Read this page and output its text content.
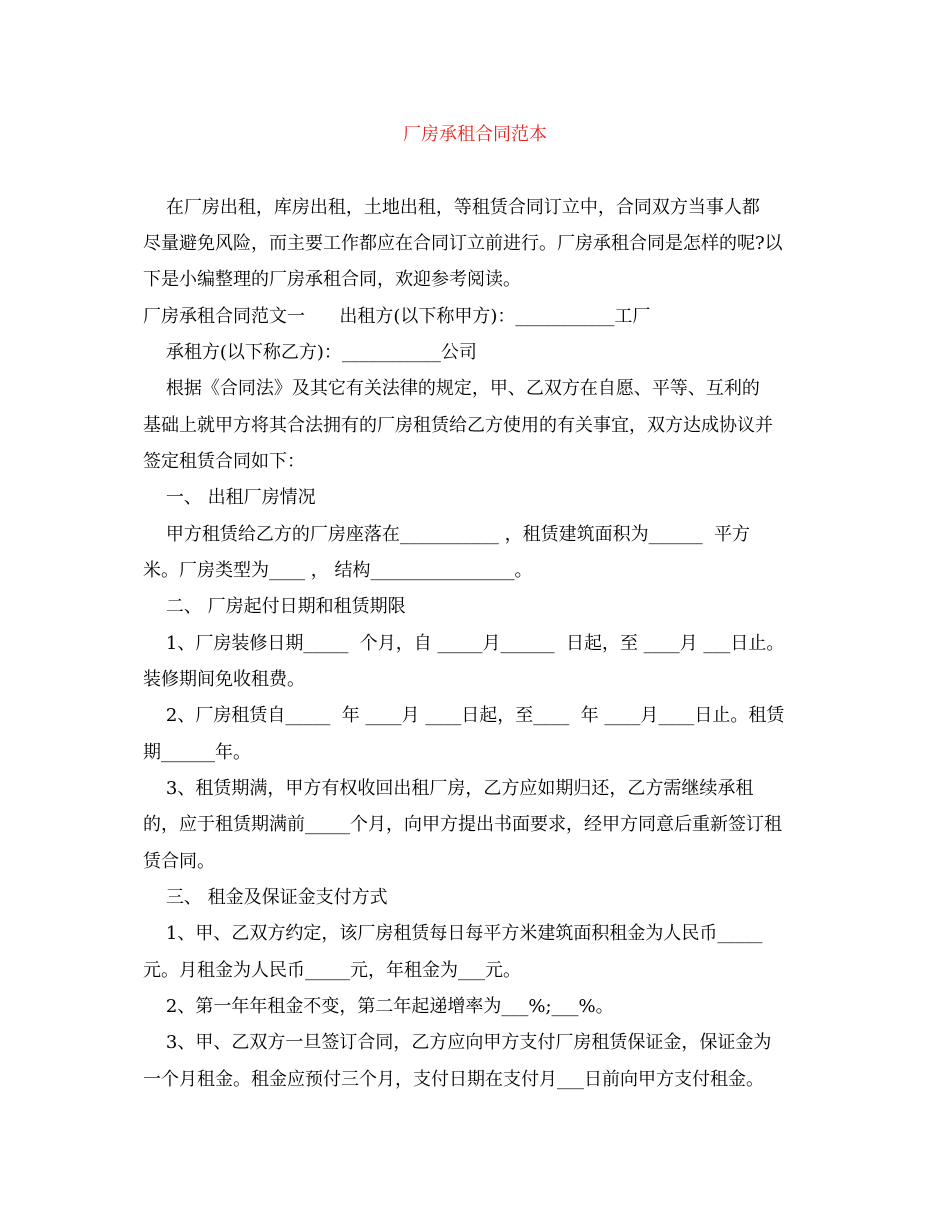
厂房承租合同范本
在厂房出租，库房出租，土地出租，等租赁合同订立中，合同双方当事人都
尽量避免风险，而主要工作都应在合同订立前进行。厂房承租合同是怎样的呢?以
下是小编整理的厂房承租合同，欢迎参考阅读。
厂房承租合同范文一      出租方(以下称甲方)：___________工厂
承租方(以下称乙方)：___________公司
根据《合同法》及其它有关法律的规定，甲、乙双方在自愿、平等、互利的
基础上就甲方将其合法拥有的厂房租赁给乙方使用的有关事宜，双方达成协议并
签定租赁合同如下：
一、 出租厂房情况
甲方租赁给乙方的厂房座落在___________ ，租赁建筑面积为______  平方
米。厂房类型为____ ， 结构________________。
二、 厂房起付日期和租赁期限
1、厂房装修日期_____  个月，自 _____月______  日起，至 ____月 ___日止。
装修期间免收租费。
2、厂房租赁自_____  年 ____月 ____日起，至____  年 ____月____日止。租赁
期______年。
3、租赁期满，甲方有权收回出租厂房，乙方应如期归还，乙方需继续承租
的，应于租赁期满前_____个月，向甲方提出书面要求，经甲方同意后重新签订租
赁合同。
三、 租金及保证金支付方式
1、甲、乙双方约定，该厂房租赁每日每平方米建筑面积租金为人民币_____
元。月租金为人民币_____元，年租金为___元。
2、第一年年租金不变，第二年起递增率为___%;___%。
3、甲、乙双方一旦签订合同，乙方应向甲方支付厂房租赁保证金，保证金为
一个月租金。租金应预付三个月，支付日期在支付月___日前向甲方支付租金。
